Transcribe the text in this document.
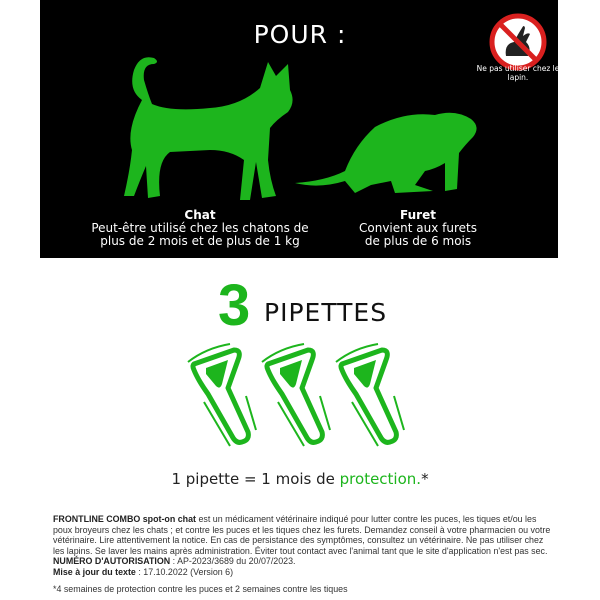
POUR :
Ne pas utiliser chez le lapin.
Chat
Peut-être utilisé chez les chatons de
plus de 2 mois et de plus de 1 kg
Furet
Convient aux furets
de plus de 6 mois
3 PIPETTES
1 pipette = 1 mois de protection.*
FRONTLINE COMBO spot-on chat est un médicament vétérinaire indiqué pour lutter contre les puces, les tiques et/ou les poux broyeurs chez les chats ; et contre les puces et les tiques chez les furets. Demandez conseil à votre pharmacien ou votre vétérinaire. Lire attentivement la notice. En cas de persistance des symptômes, consultez un vétérinaire. Ne pas utiliser chez les lapins. Se laver les mains après administration. Éviter tout contact avec l'animal tant que le site d'application n'est pas sec.
NUMÉRO D'AUTORISATION : AP-2023/3689 du 20/07/2023.
Mise à jour du texte : 17.10.2022 (Version 6)
*4 semaines de protection contre les puces et 2 semaines contre les tiques
